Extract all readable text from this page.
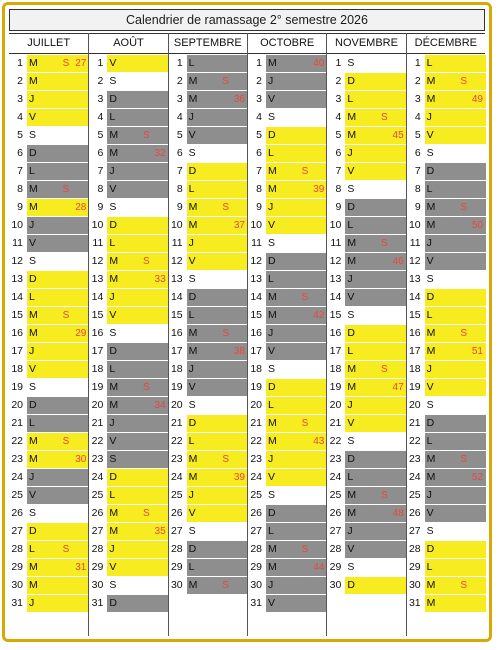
Calendrier de ramassage 2° semestre 2026
JUILLET
1 M	S 27
2 M
3 J
4 V
5 S
6 D
7 L
8 M	S
9 M	28
10 J
11 V
12 S
13 D
14 L
15 M	S
16 M	29
17 J
18 V
19 S
20 D
21 L
22 M	S
23 M	30
24 J
25 V
26 S
27 D
28 L	S
29 M	31
30 M
31 J
AOÛT
1 V
2 S
3 D
4 L
5 M	S
6 M	32
7 J
8 V
9 S
10 D
11 L
12 M	S
13 M	33
14 J
15 V
16 S
17 D
18 L
19 M	S
20 M	34
21 J
22 V
23 S
24 D
25 L
26 M	S
27 M	35
28 J
29 V
30 S
31 D
SEPTEMBRE
1 L
2 M	S
3 M	36
4 J
5 V
6 S
7 D
8 L
9 M	S
10 M	37
11 J
12 V
13 S
14 D
15 L
16 M	S
17 M	38
18 J
19 V
20 S
21 D
22 L
23 M	S
24 M	39
25 J
26 V
27 S
28 D
29 L
30 M	S
OCTOBRE
1 M	40
2 J
3 V
4 S
5 D
6 L
7 M	S
8 M	39
9 J
10 V
11 S
12 D
13 L
14 M	S
15 M	42
16 J
17 V
18 S
19 D
20 L
21 M	S
22 M	43
23 J
24 V
25 S
26 D
27 L
28 M	S
29 M	44
30 J
31 V
NOVEMBRE
1 S
2 D
3 L
4 M	S
5 M	45
6 J
7 V
8 S
9 D
10 L
11 M	S
12 M	46
13 J
14 V
15 S
16 D
17 L
18 M	S
19 M	47
20 J
21 V
22 S
23 D
24 L
25 M	S
26 M	48
27 J
28 V
29 S
30 D
DÉCEMBRE
1 L
2 M	S
3 M	49
4 J
5 V
6 S
7 D
8 L
9 M	S
10 M	50
11 J
12 V
13 S
14 D
15 L
16 M	S
17 M	51
18 J
19 V
20 S
21 D
22 L
23 M	S
24 M	52
25 J
26 V
27 S
28 D
29 L
30 M	S
31 M
